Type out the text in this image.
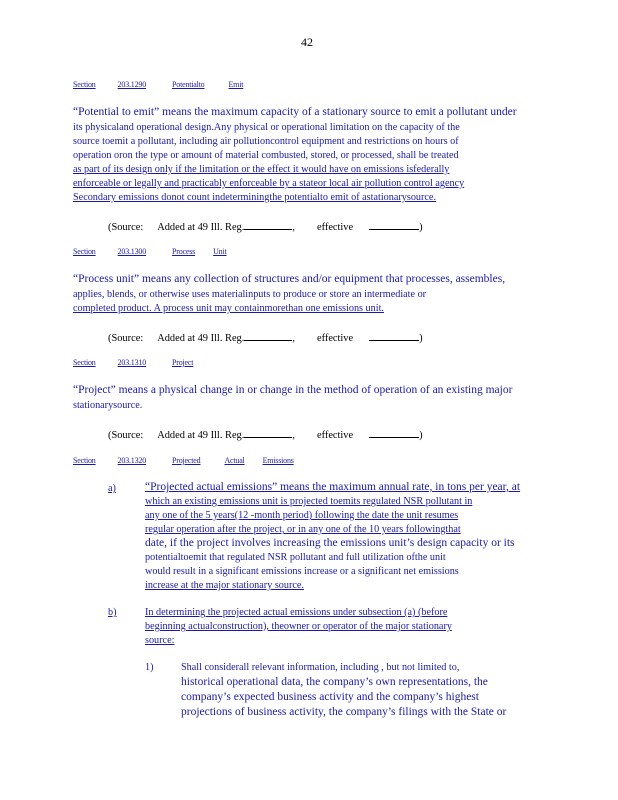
42
Section	203.1290	Potentialto	Emit
“Potential to emit” means the maximum capacity of a stationary source to emit a pollutant under
its physicaland operational design.Any physical or operational limitation on the capacity of the
source toemit a pollutant, including air pollutioncontrol equipment and restrictions on hours of
operation oron the type or amount of material combusted, stored, or processed, shall be treated
as part of its design only if the limitation or the effect it would have on emissions isfederally
enforceable or legally and practicably enforceable by a stateor local air pollution control agency
Secondary emissions donot count indeterminingthe potentialto emit of astationarysource.
(Source: Added at 49 Ill. Reg.	, effective	)
Section	203.1300	Process Unit
“Process unit” means any collection of structures and/or equipment that processes, assembles,
applies, blends, or otherwise uses materialinputs to produce or store an intermediate or
completed product. A process unit may containmorethan one emissions unit.
(Source: Added at 49 Ill. Reg.	, effective	)
Section	203.1310	Project
“Project” means a physical change in or change in the method of operation of an existing major
stationarysource.
(Source: Added at 49 Ill. Reg.	, effective	)
Section	203.1320	Projected	Actual Emissions
a)	“Projected actual emissions” means the maximum annual rate, in tons per year, at
which an existing emissions unit is projected toemits regulated NSR pollutant in
any one of the 5 years(12 -month period) following the date the unit resumes
regular operation after the project, or in any one of the 10 years followingthat
date, if the project involves increasing the emissions unit’s design capacity or its
potentialtoemit that regulated NSR pollutant and full utilization ofthe unit
would result in a significant emissions increase or a significant net emissions
increase at the major stationary source.
b)	In determining the projected actual emissions under subsection (a) (before
beginning actualconstruction), theowner or operator of the major stationary
source:
1)	Shall considerall relevant information, including , but not limited to,
historical operational data, the company’s own representations, the
company’s expected business activity and the company’s highest
projections of business activity, the company’s filings with the State or
